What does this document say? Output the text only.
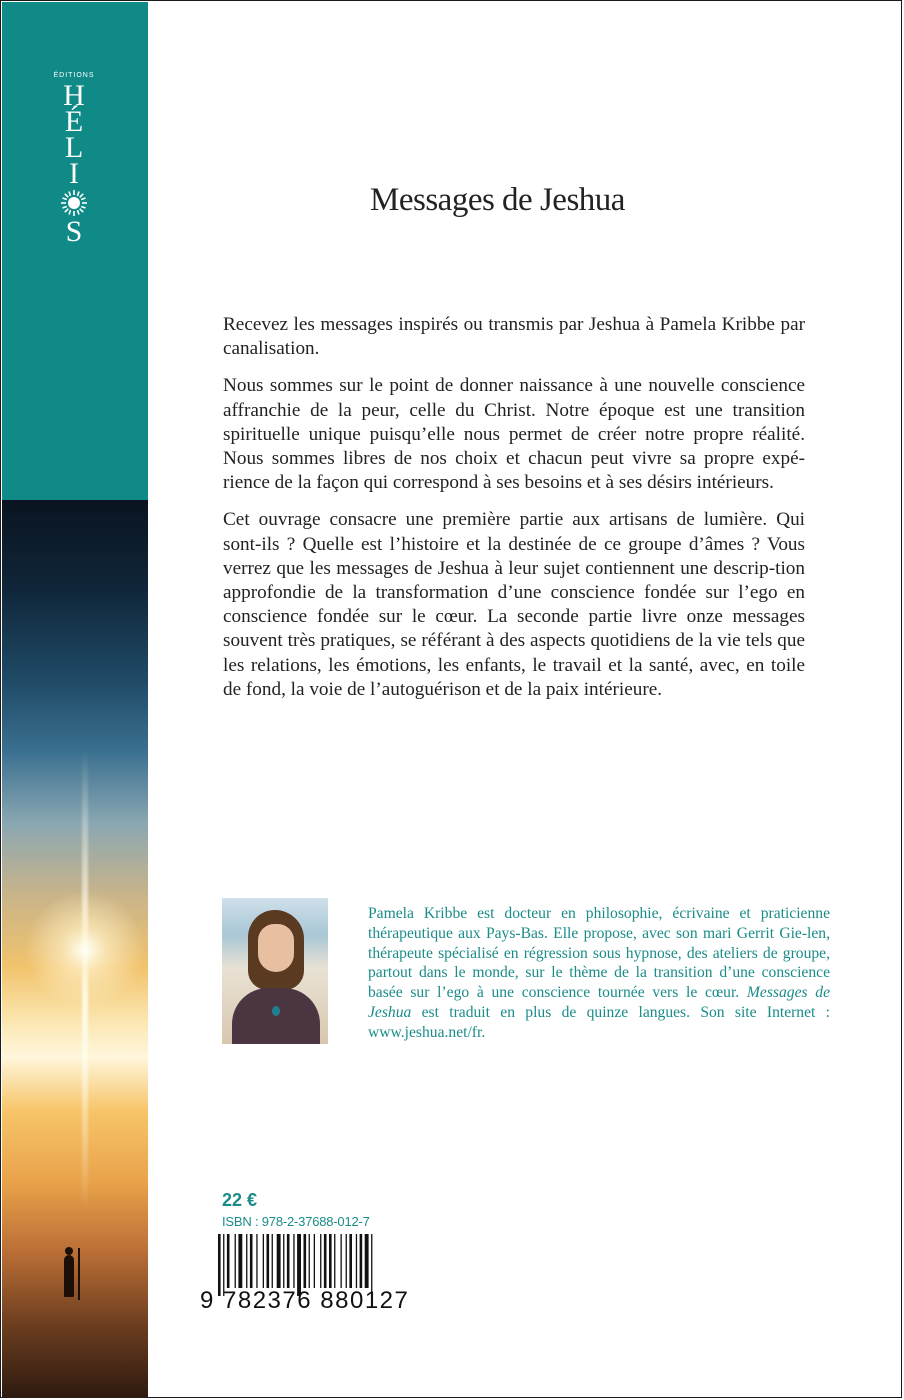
ÉDITIONS
H
É
L
I
S
Messages de Jeshua

Recevez les messages inspirés ou transmis par Jeshua à Pamela Kribbe par canalisation.

Nous sommes sur le point de donner naissance à une nouvelle conscience affranchie de la peur, celle du Christ. Notre époque est une transition spirituelle unique puisqu’elle nous permet de créer notre propre réalité. Nous sommes libres de nos choix et chacun peut vivre sa propre expé-rience de la façon qui correspond à ses besoins et à ses désirs intérieurs.

Cet ouvrage consacre une première partie aux artisans de lumière. Qui sont-ils ? Quelle est l’histoire et la destinée de ce groupe d’âmes ? Vous verrez que les messages de Jeshua à leur sujet contiennent une descrip-tion approfondie de la transformation d’une conscience fondée sur l’ego en conscience fondée sur le cœur. La seconde partie livre onze messages souvent très pratiques, se référant à des aspects quotidiens de la vie tels que les relations, les émotions, les enfants, le travail et la santé, avec, en toile de fond, la voie de l’autoguérison et de la paix intérieure.

Pamela Kribbe est docteur en philosophie, écrivaine et praticienne thérapeutique aux Pays-Bas. Elle propose, avec son mari Gerrit Gie-len, thérapeute spécialisé en régression sous hypnose, des ateliers de groupe, partout dans le monde, sur le thème de la transition d’une conscience basée sur l’ego à une conscience tournée vers le cœur. Messages de Jeshua est traduit en plus de quinze langues. Son site Internet : www.jeshua.net/fr.
22 €
ISBN : 978-2-37688-012-7
9 782376 880127
